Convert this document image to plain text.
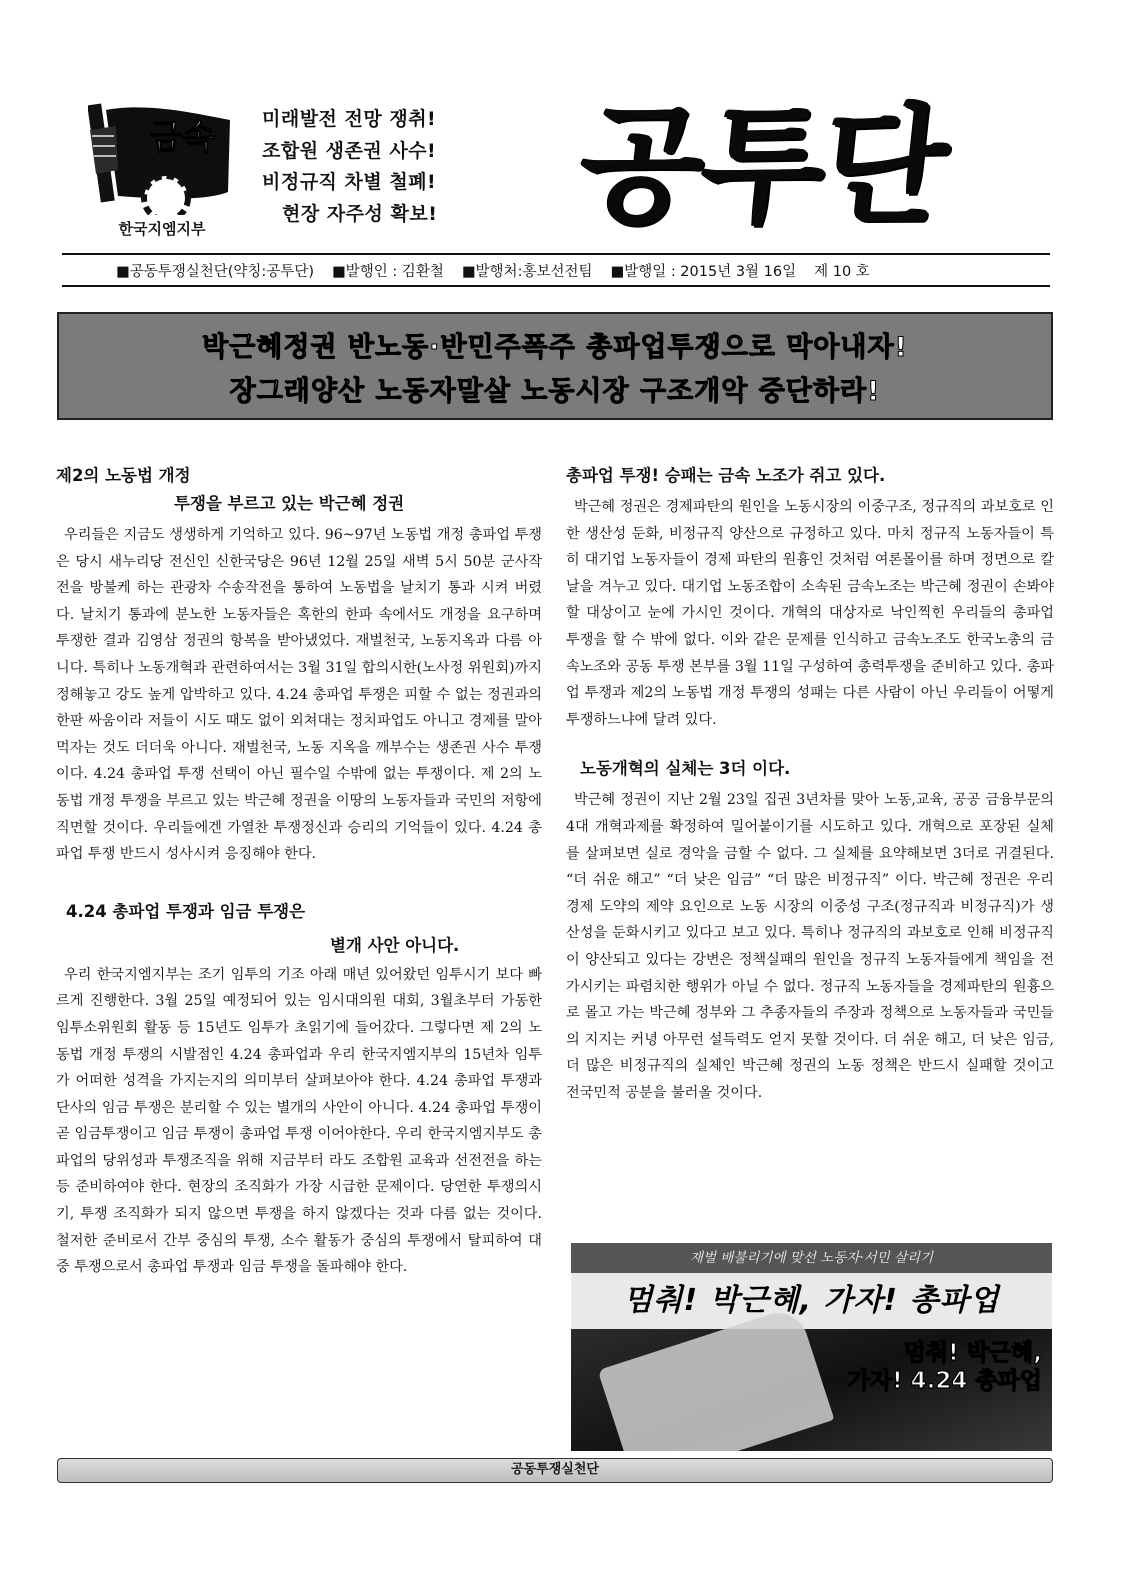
금속
한국지엠지부
미래발전 전망 쟁취!
조합원 생존권 사수!
비정규직 차별 철폐!
현장 자주성 확보!	공투단
■공동투쟁실천단(약칭:공투단) ■발행인 : 김환철 ■발행처:홍보선전팀 ■발행일 : 2015년 3월 16일 제 10 호
박근혜정권 반노동·반민주폭주 총파업투쟁으로 막아내자!
장그래양산 노동자말살 노동시장 구조개악 중단하라!

제2의 노동법 개정

투쟁을 부르고 있는 박근혜 정권

우리들은 지금도 생생하게 기억하고 있다. 96~97년 노동법 개정 총파업 투쟁은 당시 새누리당 전신인 신한국당은 96년 12월 25일 새벽 5시 50분 군사작전을 방불케 하는 관광차 수송작전을 통하여 노동법을 날치기 통과 시켜 버렸다. 날치기 통과에 분노한 노동자들은 혹한의 한파 속에서도 개정을 요구하며 투쟁한 결과 김영삼 정권의 항복을 받아냈었다. 재벌천국, 노동지옥과 다름 아니다. 특히나 노동개혁과 관련하여서는 3월 31일 합의시한(노사정 위원회)까지 정해놓고 강도 높게 압박하고 있다. 4.24 총파업 투쟁은 피할 수 없는 정권과의 한판 싸움이라 저들이 시도 때도 없이 외쳐대는 정치파업도 아니고 경제를 말아 먹자는 것도 더더욱 아니다. 재벌천국, 노동 지옥을 깨부수는 생존권 사수 투쟁이다. 4.24 총파업 투쟁 선택이 아닌 필수일 수밖에 없는 투쟁이다. 제 2의 노동법 개정 투쟁을 부르고 있는 박근혜 정권을 이땅의 노동자들과 국민의 저항에 직면할 것이다. 우리들에겐 가열찬 투쟁정신과 승리의 기억들이 있다. 4.24 총파업 투쟁 반드시 성사시켜 응징해야 한다.

4.24 총파업 투쟁과 임금 투쟁은

별개 사안 아니다.

우리 한국지엠지부는 조기 임투의 기조 아래 매년 있어왔던 임투시기 보다 빠르게 진행한다. 3월 25일 예정되어 있는 임시대의원 대회, 3월초부터 가동한 임투소위원회 활동 등 15년도 임투가 초읽기에 들어갔다. 그렇다면 제 2의 노동법 개정 투쟁의 시발점인 4.24 총파업과 우리 한국지엠지부의 15년차 임투가 어떠한 성격을 가지는지의 의미부터 살펴보아야 한다. 4.24 총파업 투쟁과 단사의 임금 투쟁은 분리할 수 있는 별개의 사안이 아니다. 4.24 총파업 투쟁이 곧 임금투쟁이고 임금 투쟁이 총파업 투쟁 이어야한다. 우리 한국지엠지부도 총파업의 당위성과 투쟁조직을 위해 지금부터 라도 조합원 교육과 선전전을 하는 등 준비하여야 한다. 현장의 조직화가 가장 시급한 문제이다. 당연한 투쟁의시기, 투쟁 조직화가 되지 않으면 투쟁을 하지 않겠다는 것과 다름 없는 것이다. 철저한 준비로서 간부 중심의 투쟁, 소수 활동가 중심의 투쟁에서 탈피하여 대중 투쟁으로서 총파업 투쟁과 임금 투쟁을 돌파해야 한다.

총파업 투쟁! 승패는 금속 노조가 쥐고 있다.

박근혜 정권은 경제파탄의 원인을 노동시장의 이중구조, 정규직의 과보호로 인한 생산성 둔화, 비정규직 양산으로 규정하고 있다. 마치 정규직 노동자들이 특히 대기업 노동자들이 경제 파탄의 원흉인 것처럼 여론몰이를 하며 정면으로 칼날을 겨누고 있다. 대기업 노동조합이 소속된 금속노조는 박근혜 정권이 손봐야할 대상이고 눈에 가시인 것이다. 개혁의 대상자로 낙인찍힌 우리들의 총파업 투쟁을 할 수 밖에 없다. 이와 같은 문제를 인식하고 금속노조도 한국노총의 금속노조와 공동 투쟁 본부를 3월 11일 구성하여 총력투쟁을 준비하고 있다. 총파업 투쟁과 제2의 노동법 개정 투쟁의 성패는 다른 사람이 아닌 우리들이 어떻게 투쟁하느냐에 달려 있다.

노동개혁의 실체는 3더 이다.

박근혜 정권이 지난 2월 23일 집권 3년차를 맞아 노동,교육, 공공 금융부문의 4대 개혁과제를 확정하여 밀어붙이기를 시도하고 있다. 개혁으로 포장된 실체를 살펴보면 실로 경악을 금할 수 없다. 그 실체를 요약해보면 3더로 귀결된다. “더 쉬운 해고” “더 낮은 임금” “더 많은 비정규직” 이다. 박근혜 정권은 우리 경제 도약의 제약 요인으로 노동 시장의 이중성 구조(정규직과 비정규직)가 생산성을 둔화시키고 있다고 보고 있다. 특히나 정규직의 과보호로 인해 비정규직이 양산되고 있다는 강변은 정책실패의 원인을 정규직 노동자들에게 책임을 전가시키는 파렴치한 행위가 아닐 수 없다. 정규직 노동자들을 경제파탄의 원흉으로 몰고 가는 박근혜 정부와 그 추종자들의 주장과 정책으로 노동자들과 국민들의 지지는 커녕 아무런 설득력도 얻지 못할 것이다. 더 쉬운 해고, 더 낮은 임금, 더 많은 비정규직의 실체인 박근혜 정권의 노동 정책은 반드시 실패할 것이고 전국민적 공분을 불러올 것이다.

재벌 배불리기에 맞선 노동자·서민 살리기
멈춰! 박근혜, 가자! 총파업
멈춰! 박근혜,
가자! 4.24 총파업
공동투쟁실천단
